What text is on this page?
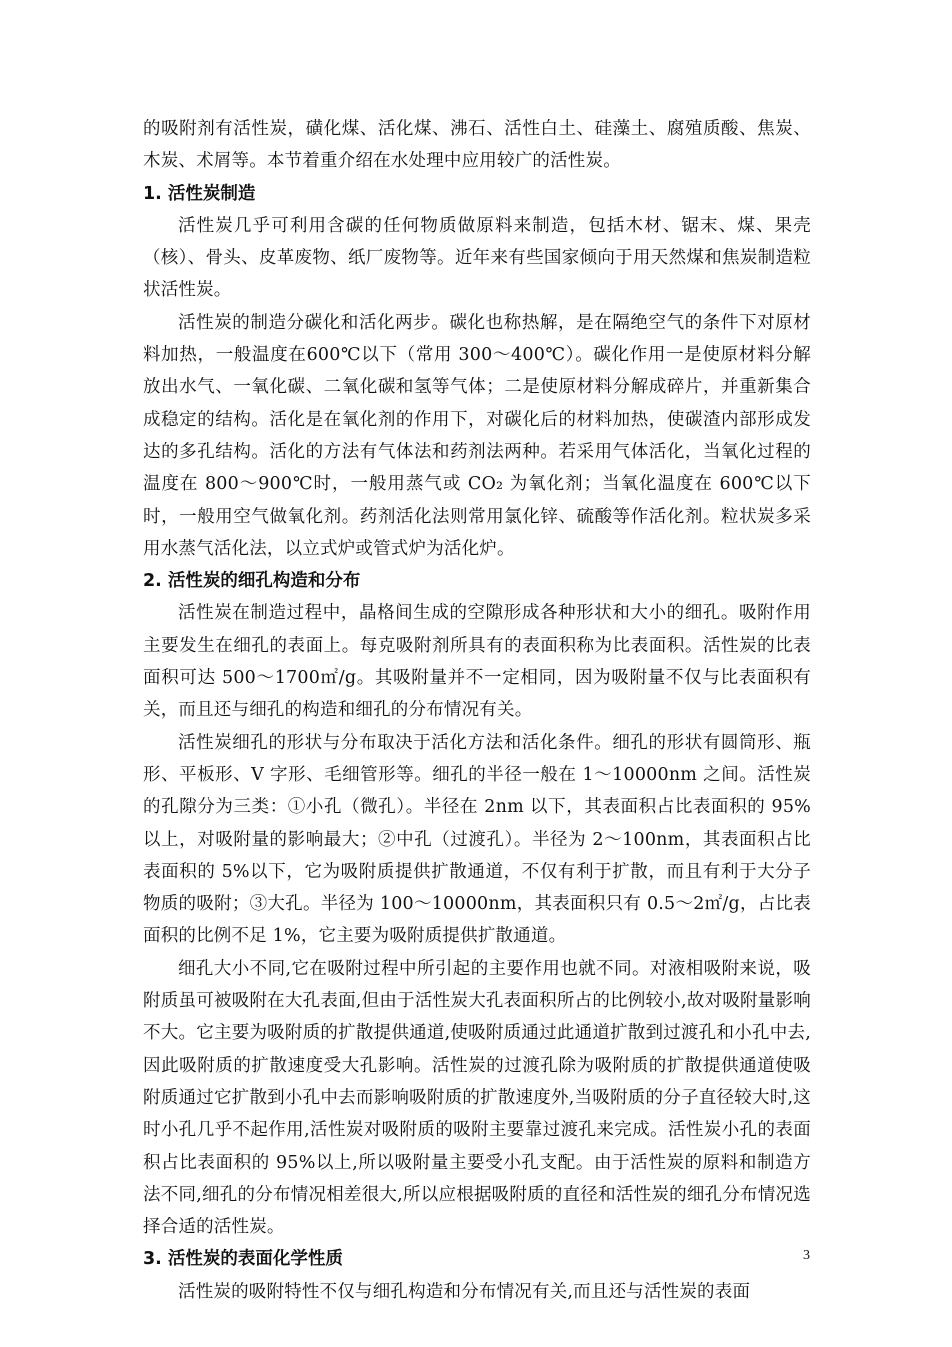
的吸附剂有活性炭，磺化煤、活化煤、沸石、活性白土、硅藻土、腐殖质酸、焦炭、木炭、术屑等。本节着重介绍在水处理中应用较广的活性炭。

1. 活性炭制造

活性炭几乎可利用含碳的任何物质做原料来制造，包括木材、锯末、煤、果壳（核）、骨头、皮革废物、纸厂废物等。近年来有些国家倾向于用天然煤和焦炭制造粒状活性炭。

活性炭的制造分碳化和活化两步。碳化也称热解，是在隔绝空气的条件下对原材料加热，一般温度在600℃以下（常用 300～400℃）。碳化作用一是使原材料分解放出水气、一氧化碳、二氧化碳和氢等气体；二是使原材料分解成碎片，并重新集合成稳定的结构。活化是在氧化剂的作用下，对碳化后的材料加热，使碳渣内部形成发达的多孔结构。活化的方法有气体法和药剂法两种。若采用气体活化，当氧化过程的温度在 800～900℃时，一般用蒸气或 CO₂ 为氧化剂；当氧化温度在 600℃以下时，一般用空气做氧化剂。药剂活化法则常用氯化锌、硫酸等作活化剂。粒状炭多采用水蒸气活化法，以立式炉或管式炉为活化炉。

2. 活性炭的细孔构造和分布

活性炭在制造过程中，晶格间生成的空隙形成各种形状和大小的细孔。吸附作用主要发生在细孔的表面上。每克吸附剂所具有的表面积称为比表面积。活性炭的比表面积可达 500～1700㎡/g。其吸附量并不一定相同，因为吸附量不仅与比表面积有关，而且还与细孔的构造和细孔的分布情况有关。

活性炭细孔的形状与分布取决于活化方法和活化条件。细孔的形状有圆筒形、瓶形、平板形、V 字形、毛细管形等。细孔的半径一般在 1～10000nm 之间。活性炭 的孔隙分为三类：①小孔（微孔）。半径在 2nm 以下，其表面积占比表面积的 95%以上，对吸附量的影响最大；②中孔（过渡孔）。半径为 2～100nm，其表面积占比表面积的 5%以下，它为吸附质提供扩散通道，不仅有利于扩散，而且有利于大分子物质的吸附；③大孔。半径为 100～10000nm，其表面积只有 0.5～2㎡/g，占比表面积的比例不足 1%，它主要为吸附质提供扩散通道。

细孔大小不同,它在吸附过程中所引起的主要作用也就不同。对液相吸附来说，吸附质虽可被吸附在大孔表面,但由于活性炭大孔表面积所占的比例较小,故对吸附量影响不大。它主要为吸附质的扩散提供通道,使吸附质通过此通道扩散到过渡孔和小孔中去,因此吸附质的扩散速度受大孔影响。活性炭的过渡孔除为吸附质的扩散提供通道使吸附质通过它扩散到小孔中去而影响吸附质的扩散速度外,当吸附质的分子直径较大时,这时小孔几乎不起作用,活性炭对吸附质的吸附主要靠过渡孔来完成。活性炭小孔的表面积占比表面积的 95%以上,所以吸附量主要受小孔支配。由于活性炭的原料和制造方法不同,细孔的分布情况相差很大,所以应根据吸附质的直径和活性炭的细孔分布情况选择合适的活性炭。

3. 活性炭的表面化学性质

活性炭的吸附特性不仅与细孔构造和分布情况有关,而且还与活性炭的表面

3
